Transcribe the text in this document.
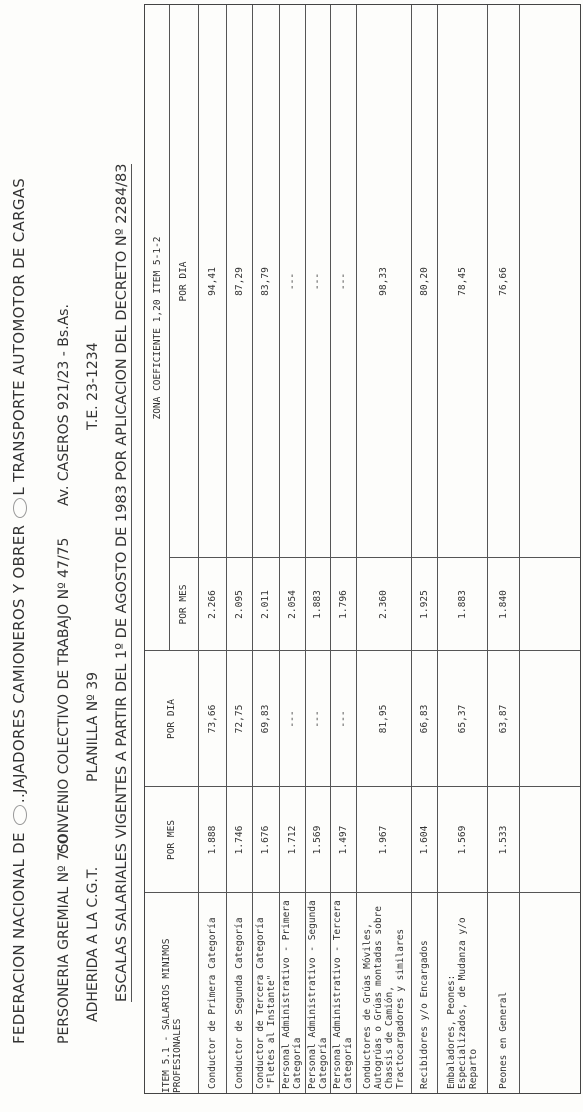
FEDERACION NACIONAL DE ..JAJADORES CAMIONEROS Y OBRER L TRANSPORTE AUTOMOTOR DE CARGAS
PERSONERIA GREMIAL Nº 750
CONVENIO COLECTIVO DE TRABAJO Nº 47/75
Av. CASEROS 921/23 - Bs.As.
ADHERIDA A LA C.G.T.
PLANILLA Nº 39
T.E. 23-1234 ESCALAS SALARIALES VIGENTES A PARTIR DEL 1º DE AGOSTO DE 1983 POR APLICACION DEL DECRETO Nº 2284/83
ITEM 5.1 - SALARIOS MINIMOS PROFESIONALES
POR MES
POR DIA
ZONA COEFICIENTE 1,20 ITEM 5-1-2
POR MES
POR DIA
Conductor de Primera Categoría
1.888
73,66
2.266
94,41
Conductor de Segunda Categoría
1.746
72,75
2.095
87,29
Conductor de Tercera Categoría "Fletes al Instante"
1.676
69,83
2.011
83,79
Personal Administrativo - Primera Categoría
1.712
---
2.054
---
Personal Administrativo - Segunda Categoría
1.569
---
1.883
---
Personal Administrativo - Tercera Categoría
1.497
---
1.796
---
Conductores de Grúas Móviles, Autogrúas o Grúas montadas sobre Chassis de Camión, Tractocargadores y similares
1.967
81,95
2.360
98,33
Recibidores y/o Encargados
1.604
66,83
1.925
80,20
Embaladores, Peones: Especializados, de Mudanza y/o Reparto
1.569
65,37
1.883
78,45
Peones en General
1.533
63,87
1.840
76,66
